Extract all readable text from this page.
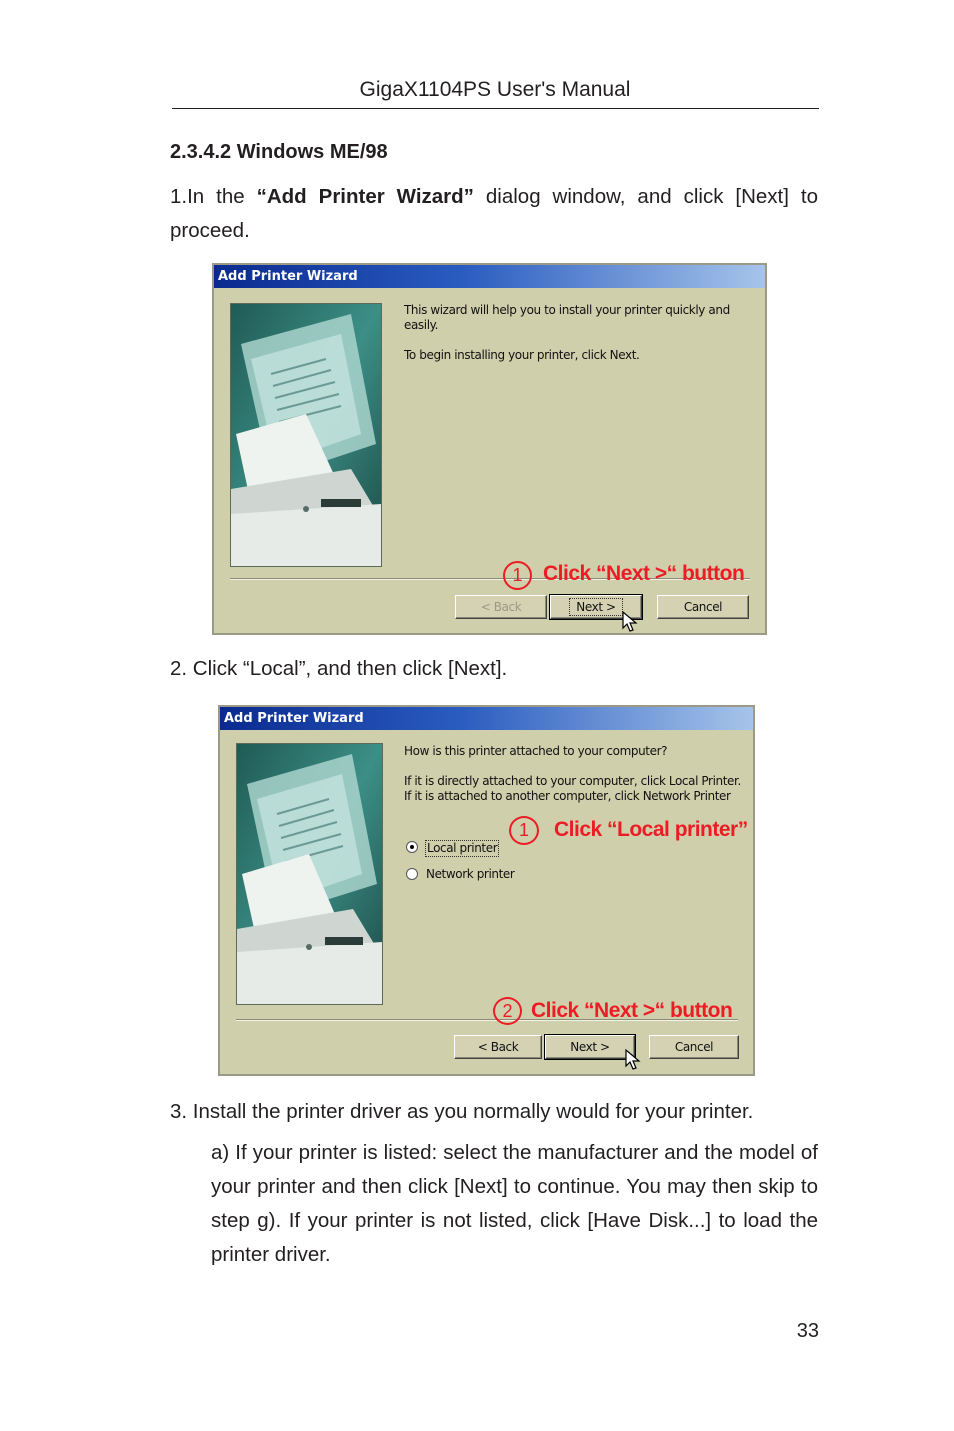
GigaX1104PS User's Manual
2.3.4.2 Windows ME/98
1.In the “Add Printer Wizard” dialog window, and click [Next] to proceed.
Add Printer Wizard
This wizard will help you to install your printer quickly and easily.
To begin installing your printer, click Next.
< Back	Next >	Cancel
1 Click “Next >“ button
2. Click “Local”, and then click [Next].
Add Printer Wizard
How is this printer attached to your computer?
If it is directly attached to your computer, click Local Printer. If it is attached to another computer, click Network Printer
Local printer
Network printer
< Back	Next >	Cancel
1	Click “Local printer”
2 Click “Next >“ button
3. Install the printer driver as you normally would for your printer.
a) If your printer is listed: select the manufacturer and the model of your printer and then click [Next] to continue. You may then skip to step g). If your printer is not listed, click [Have Disk...] to load the printer driver.
33
